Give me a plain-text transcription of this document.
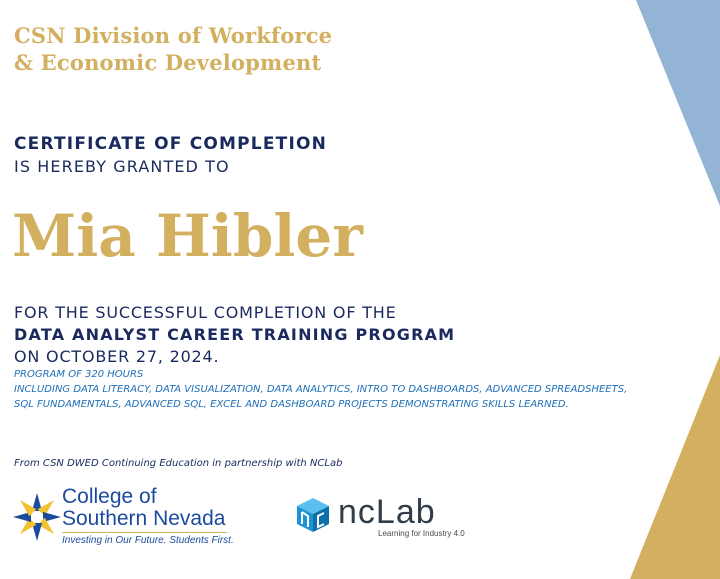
CSN Division of Workforce
& Economic Development
CERTIFICATE OF COMPLETION
IS HEREBY GRANTED TO
Mia Hibler
FOR THE SUCCESSFUL COMPLETION OF THE
DATA ANALYST CAREER TRAINING PROGRAM
ON OCTOBER 27, 2024.
PROGRAM OF 320 HOURS
INCLUDING DATA LITERACY, DATA VISUALIZATION, DATA ANALYTICS, INTRO TO DASHBOARDS, ADVANCED SPREADSHEETS,
SQL FUNDAMENTALS, ADVANCED SQL, EXCEL AND DASHBOARD PROJECTS DEMONSTRATING SKILLS LEARNED.
From CSN DWED Continuing Education in partnership with NCLab
College of
Southern Nevada
Investing in Our Future. Students First.
ncLab
Learning for Industry 4.0
